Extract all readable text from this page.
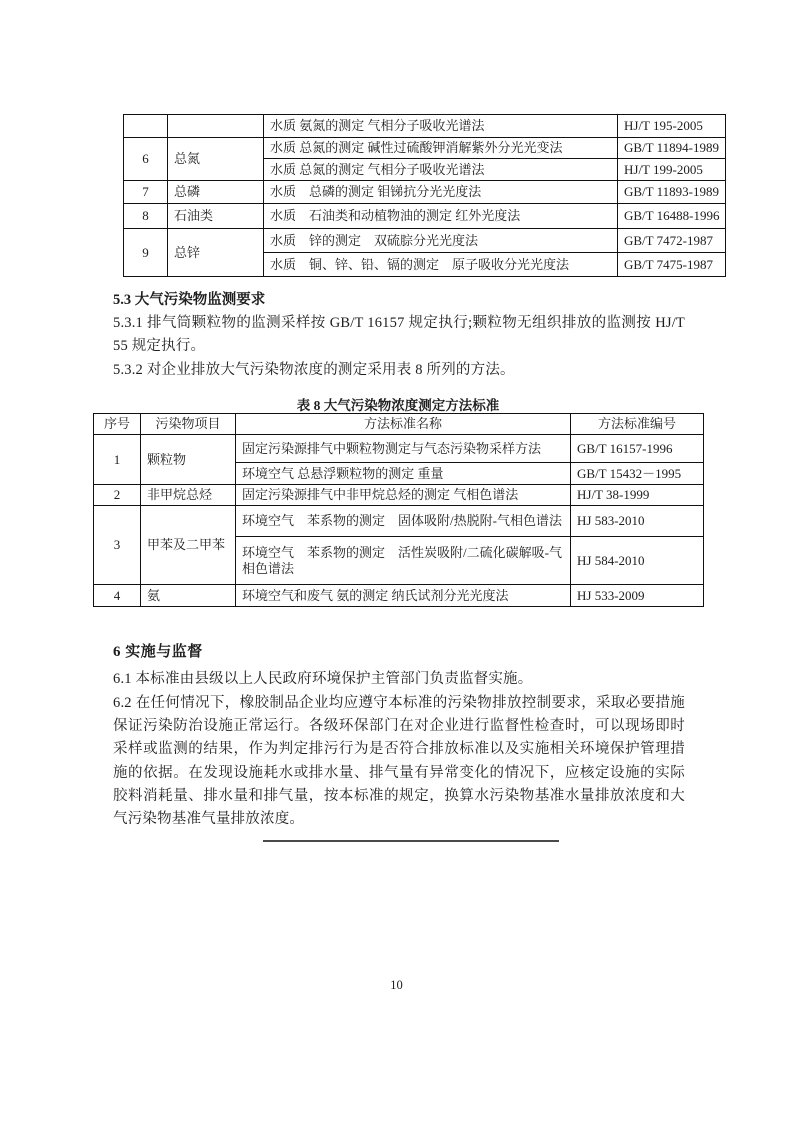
		水质 氨氮的测定 气相分子吸收光谱法	HJ/T 195-2005
6	总氮	水质 总氮的测定 碱性过硫酸钾消解紫外分光光变法	GB/T 11894-1989
		水质 总氮的测定 气相分子吸收光谱法	HJ/T 199-2005
7	总磷	水质　总磷的测定 钼锑抗分光光度法	GB/T 11893-1989
8	石油类	水质　石油类和动植物油的测定 红外光度法	GB/T 16488-1996
9	总锌	水质　锌的测定　双硫腙分光光度法	GB/T 7472-1987
		水质　铜、锌、铅、镉的测定　原子吸收分光光度法	GB/T 7475-1987
5.3 大气污染物监测要求
5.3.1 排气筒颗粒物的监测采样按 GB/T 16157 规定执行;颗粒物无组织排放的监测按 HJ/T 55 规定执行。
5.3.2 对企业排放大气污染物浓度的测定采用表 8 所列的方法。
表 8 大气污染物浓度测定方法标准
序号	污染物项目	方法标准名称	方法标准编号
1	颗粒物	固定污染源排气中颗粒物测定与气态污染物采样方法	GB/T 16157-1996
		环境空气 总悬浮颗粒物的测定 重量	GB/T 15432－1995
2	非甲烷总烃	固定污染源排气中非甲烷总烃的测定 气相色谱法	HJ/T 38-1999
3	甲苯及二甲苯	环境空气　苯系物的测定　固体吸附/热脱附-气相色谱法	HJ 583-2010
		环境空气　苯系物的测定　活性炭吸附/二硫化碳解吸-气相色谱法	HJ 584-2010
4	氨	环境空气和废气 氨的测定 纳氏试剂分光光度法	HJ 533-2009
6 实施与监督
6.1 本标准由县级以上人民政府环境保护主管部门负责监督实施。
6.2 在任何情况下，橡胶制品企业均应遵守本标准的污染物排放控制要求，采取必要措施保证污染防治设施正常运行。各级环保部门在对企业进行监督性检查时，可以现场即时采样或监测的结果，作为判定排污行为是否符合排放标准以及实施相关环境保护管理措施的依据。在发现设施耗水或排水量、排气量有异常变化的情况下，应核定设施的实际胶料消耗量、排水量和排气量，按本标准的规定，换算水污染物基准水量排放浓度和大气污染物基准气量排放浓度。
10
